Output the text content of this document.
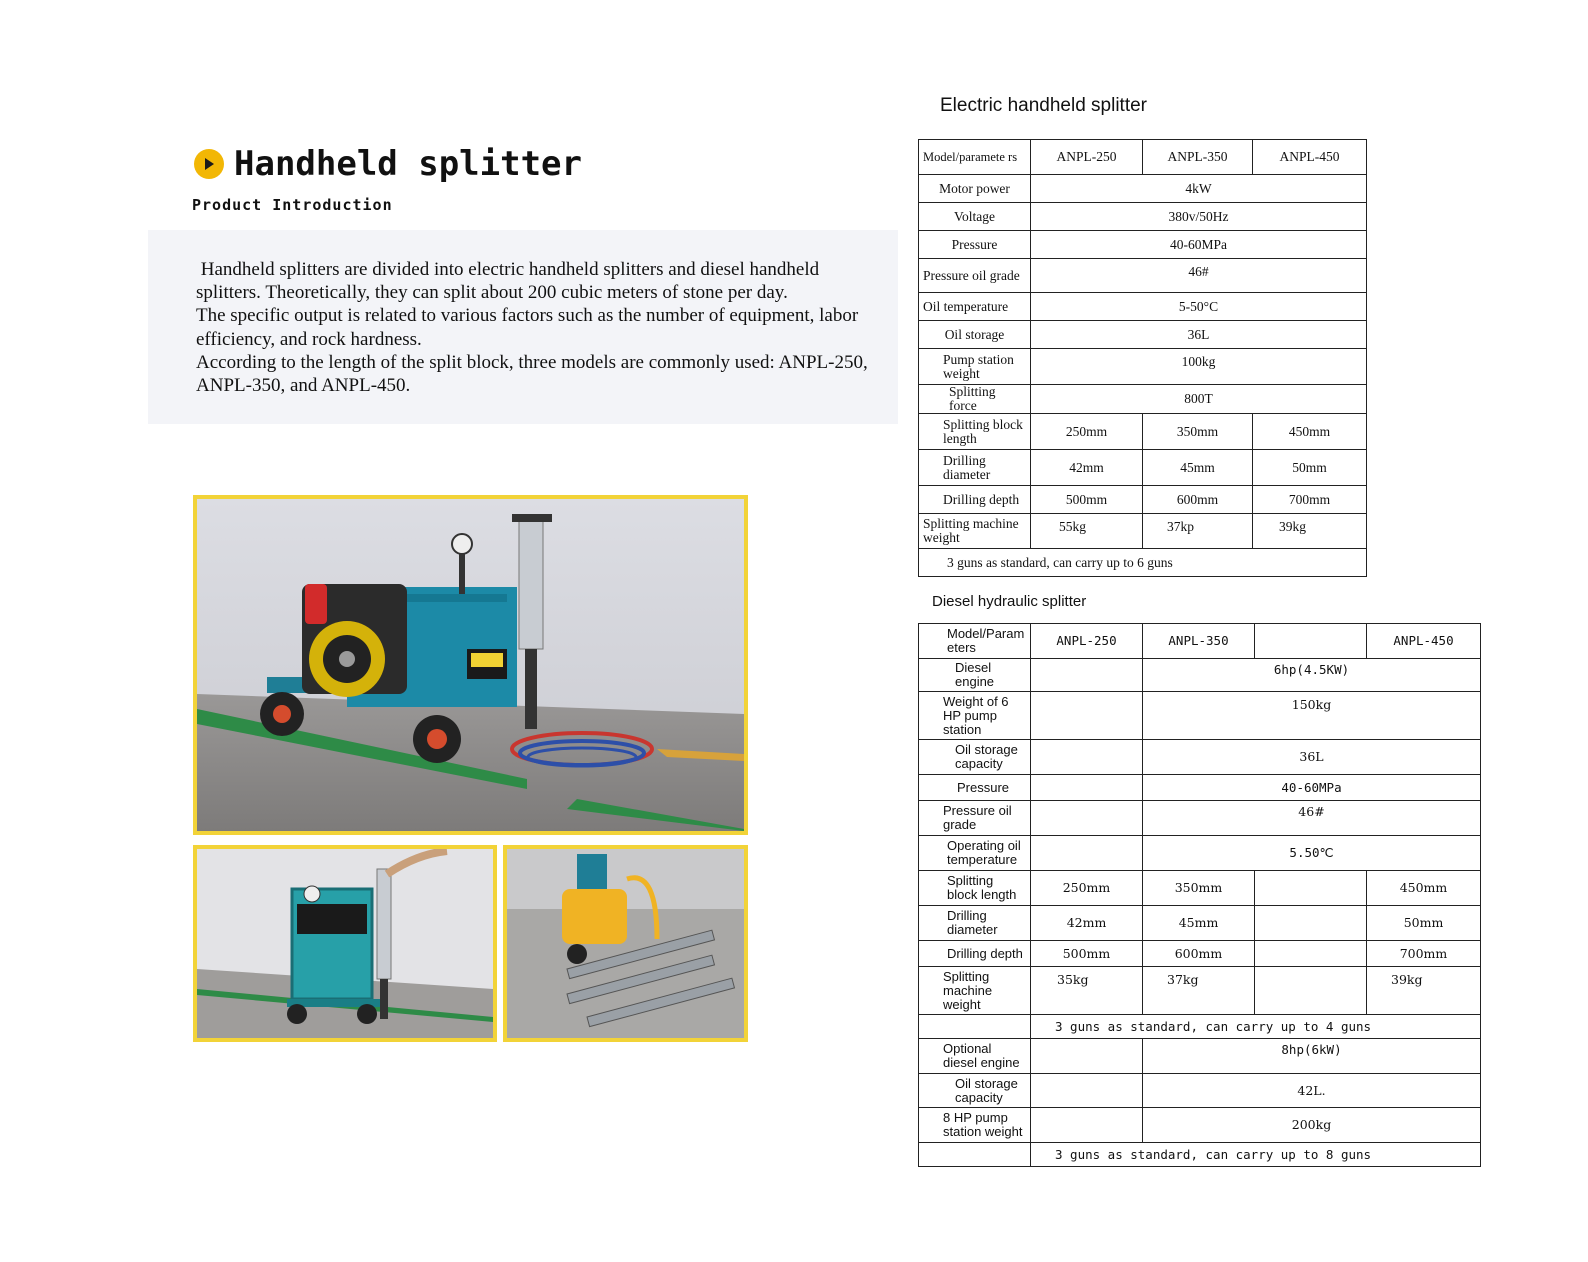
Handheld splitter
Product Introduction

Handheld splitters are divided into electric handheld splitters and diesel handheld splitters. Theoretically, they can split about 200 cubic meters of stone per day.

The specific output is related to various factors such as the number of equipment, labor efficiency, and rock hardness.

According to the length of the split block, three models are commonly used: ANPL-250, ANPL-350, and ANPL-450.

Electric handheld splitter
Model/paramete rs	ANPL-250	ANPL-350	ANPL-450
Motor power	4kW		
Voltage	380v/50Hz		
Pressure	40-60MPa		
Pressure oil grade	46#		
Oil temperature	5-50°C		
Oil storage	36L		
Pump station weight	100kg		
Splitting force	800T		
Splitting block length	250mm	350mm	450mm
Drilling diameter	42mm	45mm	50mm
Drilling depth	500mm	600mm	700mm
Splitting machine weight	55kg	37kp	39kg
3 guns as standard, can carry up to 6 guns			
Diesel hydraulic splitter
Model/Param eters	ANPL-250	ANPL-350		ANPL-450
Diesel engine		6hp(4.5KW)		
Weight of 6 HP pump station		150kg		
Oil storage capacity		36L		
Pressure		40-60MPa		
Pressure oil grade		46#		
Operating oil temperature		5.50℃		
Splitting block length	250mm	350mm		450mm
Drilling diameter	42mm	45mm		50mm
Drilling depth	500mm	600mm		700mm
Splitting machine weight	35kg	37kg		39kg
	3 guns as standard, can carry up to 4 guns			
Optional diesel engine		8hp(6kW)		
Oil storage capacity		42L.		
8 HP pump station weight		200kg		
	3 guns as standard, can carry up to 8 guns			
